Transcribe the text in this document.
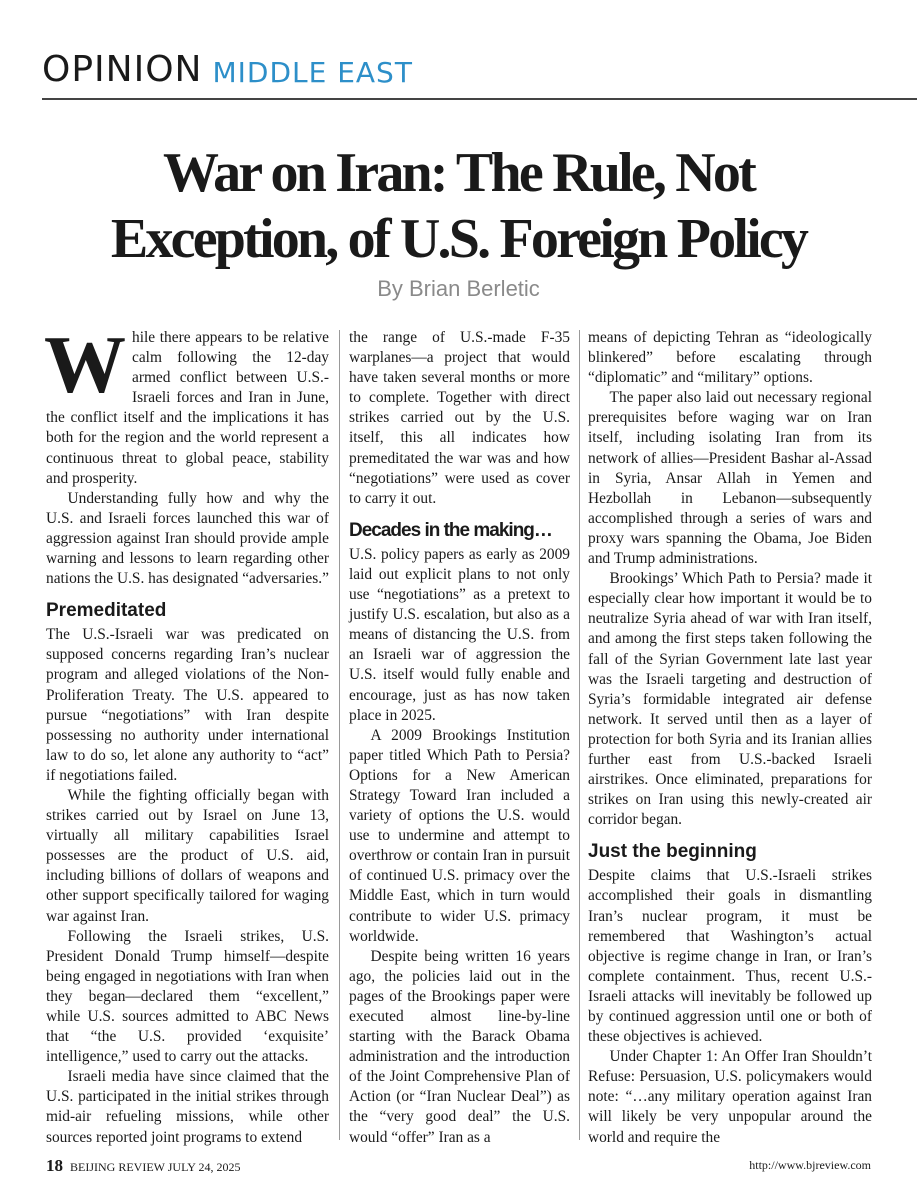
OPINION MIDDLE EAST
War on Iran: The Rule, Not
Exception, of U.S. Foreign Policy

By Brian Berletic

While there appears to be relative calm following the 12-day armed conflict between U.S.-Israeli forces and Iran in June, the conflict itself and the implications it has both for the region and the world represent a continuous threat to global peace, stability and prosperity.

Understanding fully how and why the U.S. and Israeli forces launched this war of aggression against Iran should provide ample warning and lessons to learn regarding other nations the U.S. has designated “adversaries.”

Premeditated

The U.S.-Israeli war was predicated on supposed concerns regarding Iran’s nuclear program and alleged violations of the Non-Proliferation Treaty. The U.S. appeared to pursue “negotiations” with Iran despite possessing no authority under international law to do so, let alone any authority to “act” if negotiations failed.

While the fighting officially began with strikes carried out by Israel on June 13, virtually all military capabilities Israel possesses are the product of U.S. aid, including billions of dollars of weapons and other support specifically tailored for waging war against Iran.

Following the Israeli strikes, U.S. President Donald Trump himself—despite being engaged in negotiations with Iran when they began—declared them “excellent,” while U.S. sources admitted to ABC News that “the U.S. provided ‘exquisite’ intelligence,” used to carry out the attacks.

Israeli media have since claimed that the U.S. participated in the initial strikes through mid-air refueling missions, while other sources reported joint programs to extend

the range of U.S.-made F-35 warplanes—a project that would have taken several months or more to complete. Together with direct strikes carried out by the U.S. itself, this all indicates how premeditated the war was and how “negotiations” were used as cover to carry it out.

Decades in the making…

U.S. policy papers as early as 2009 laid out explicit plans to not only use “negotiations” as a pretext to justify U.S. escalation, but also as a means of distancing the U.S. from an Israeli war of aggression the U.S. itself would fully enable and encourage, just as has now taken place in 2025.

A 2009 Brookings Institution paper titled Which Path to Persia? Options for a New American Strategy Toward Iran included a variety of options the U.S. would use to undermine and attempt to overthrow or contain Iran in pursuit of continued U.S. primacy over the Middle East, which in turn would contribute to wider U.S. primacy worldwide.

Despite being written 16 years ago, the policies laid out in the pages of the Brookings paper were executed almost line-by-line starting with the Barack Obama administration and the introduction of the Joint Comprehensive Plan of Action (or “Iran Nuclear Deal”) as the “very good deal” the U.S. would “offer” Iran as a

means of depicting Tehran as “ideologically blinkered” before escalating through “diplomatic” and “military” options.

The paper also laid out necessary regional prerequisites before waging war on Iran itself, including isolating Iran from its network of allies—President Bashar al-Assad in Syria, Ansar Allah in Yemen and Hezbollah in Lebanon—subsequently accomplished through a series of wars and proxy wars spanning the Obama, Joe Biden and Trump administrations.

Brookings’ Which Path to Persia? made it especially clear how important it would be to neutralize Syria ahead of war with Iran itself, and among the first steps taken following the fall of the Syrian Government late last year was the Israeli targeting and destruction of Syria’s formidable integrated air defense network. It served until then as a layer of protection for both Syria and its Iranian allies further east from U.S.-backed Israeli airstrikes. Once eliminated, preparations for strikes on Iran using this newly-created air corridor began.

Just the beginning

Despite claims that U.S.-Israeli strikes accomplished their goals in dismantling Iran’s nuclear program, it must be remembered that Washington’s actual objective is regime change in Iran, or Iran’s complete containment. Thus, recent U.S.-Israeli attacks will inevitably be followed up by continued aggression until one or both of these objectives is achieved.

Under Chapter 1: An Offer Iran Shouldn’t Refuse: Persuasion, U.S. policymakers would note: “…any military operation against Iran will likely be very unpopular around the world and require the

18 BEIJING REVIEW JULY 24, 2025	http://www.bjreview.com
